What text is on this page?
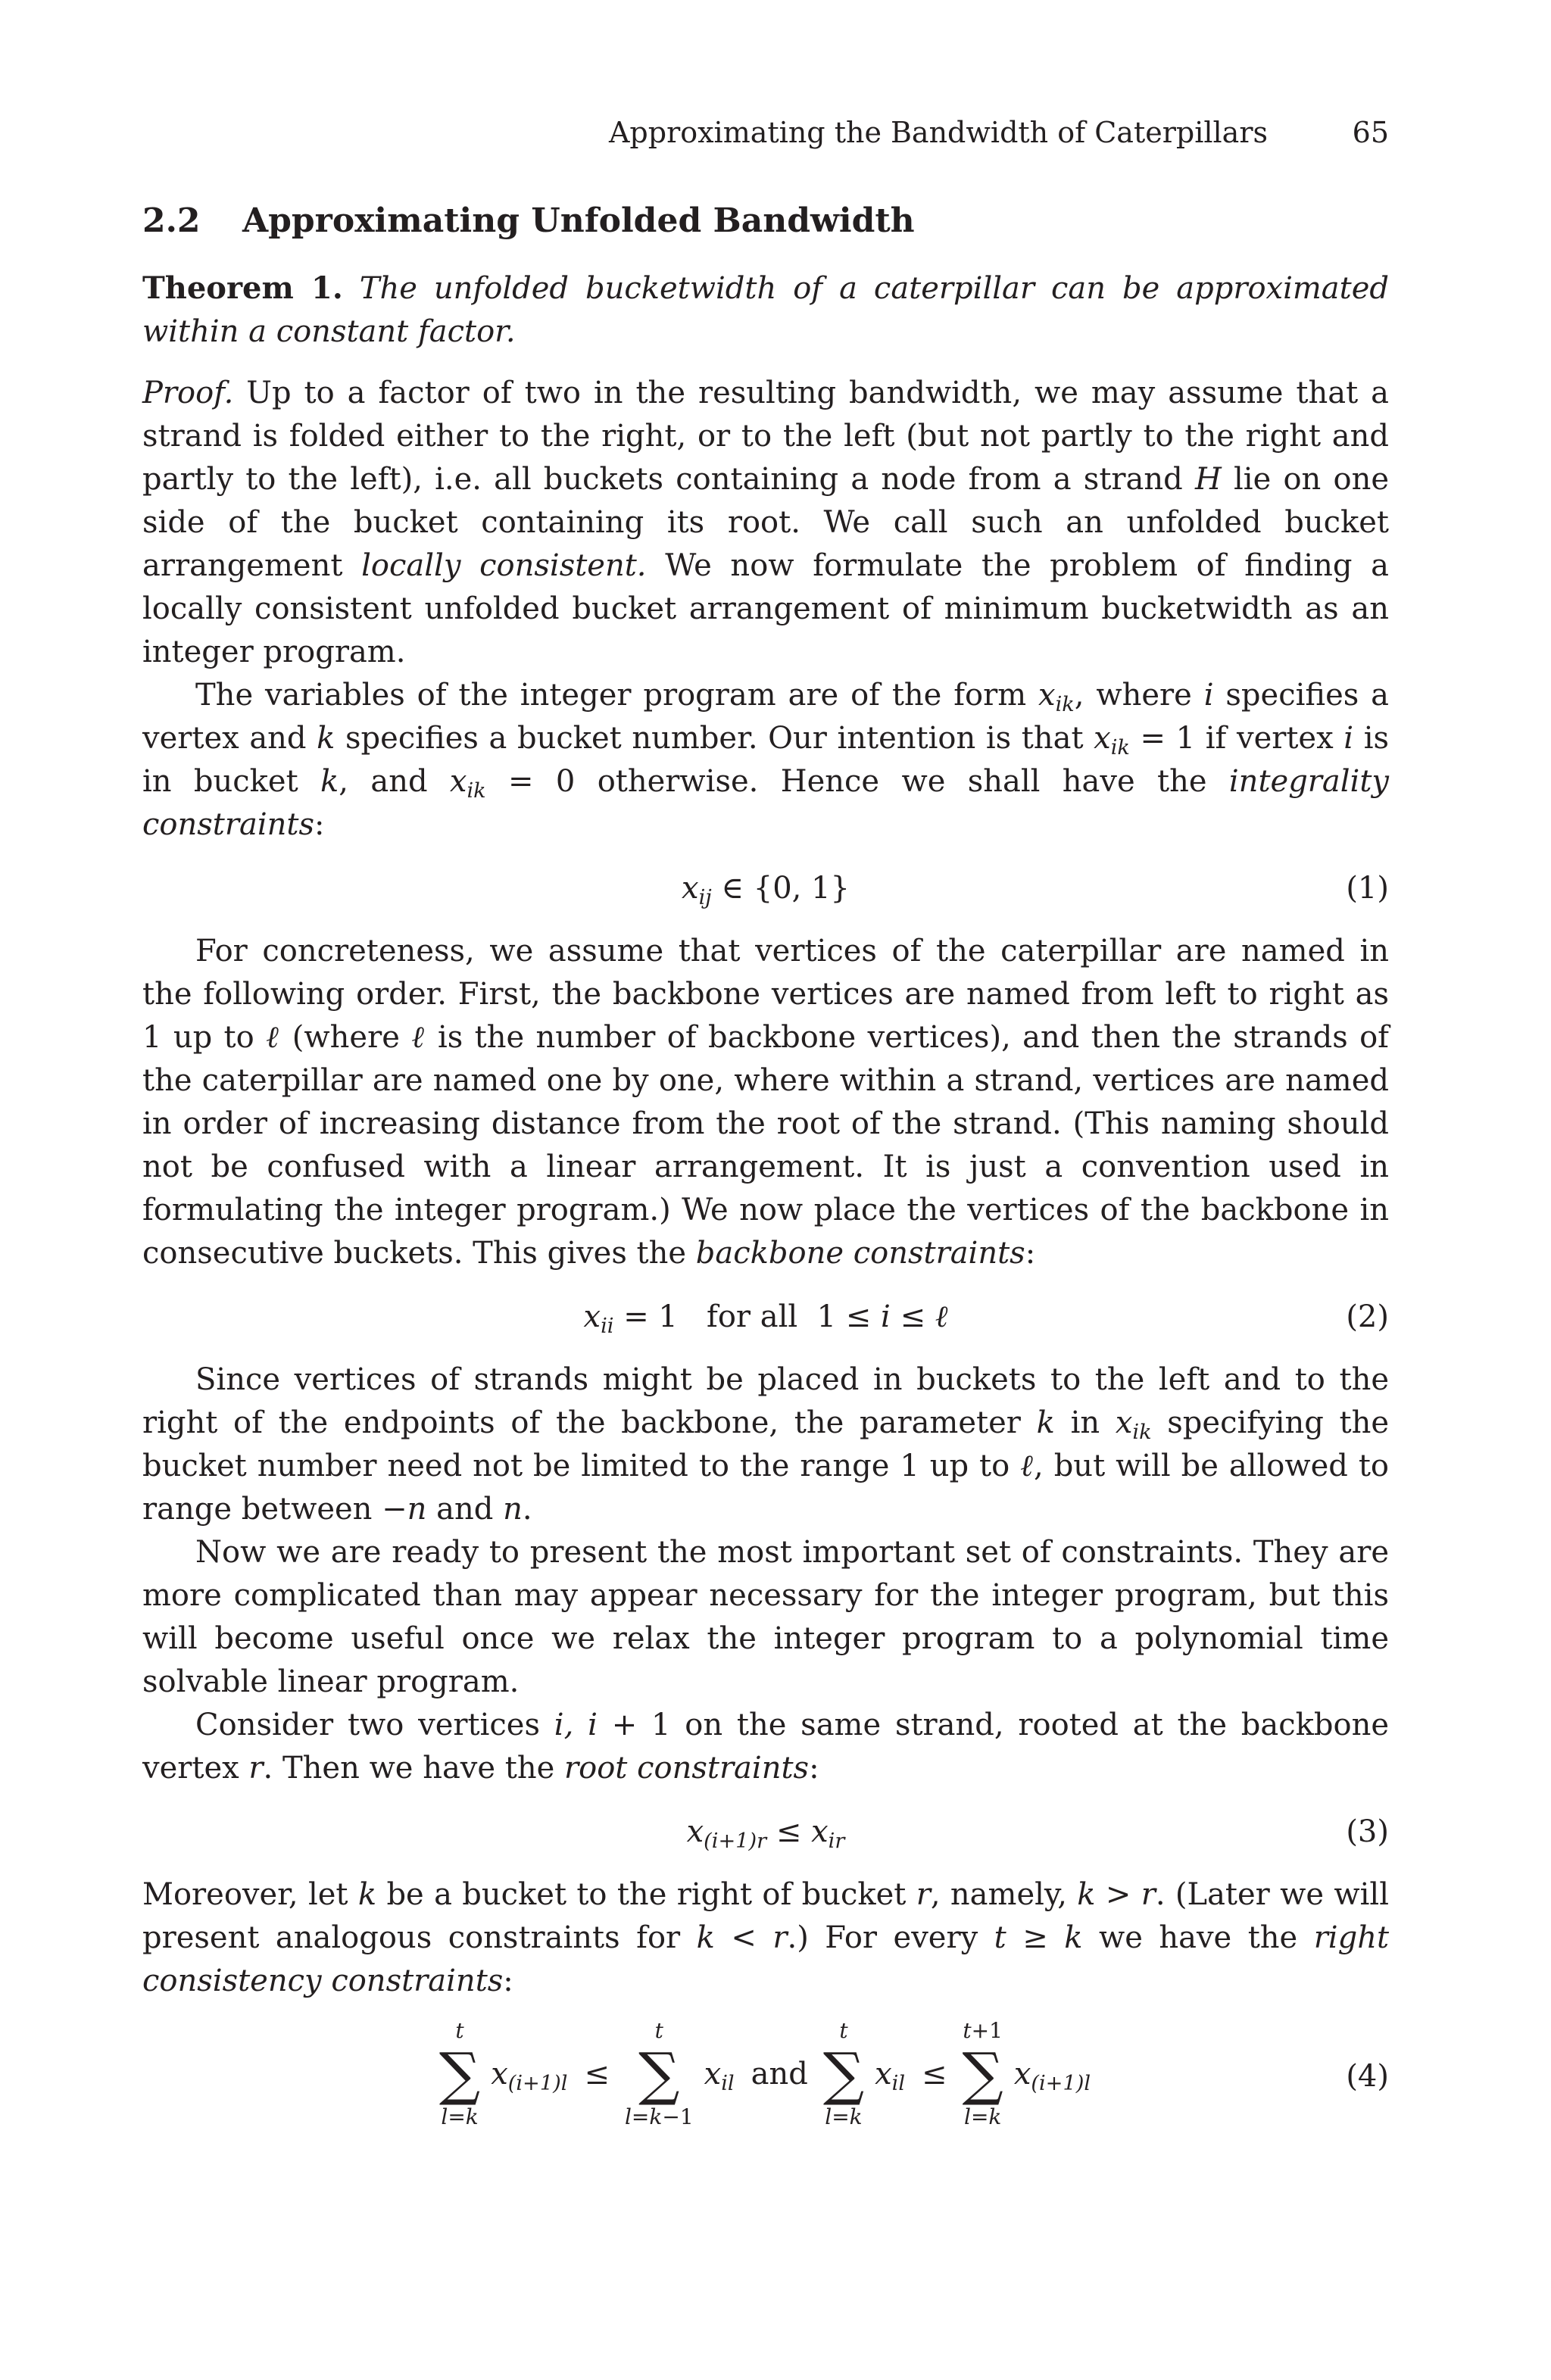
Approximating the Bandwidth of Caterpillars	65
2.2 Approximating Unfolded Bandwidth

Theorem 1. The unfolded bucketwidth of a caterpillar can be approximated within a constant factor.

Proof. Up to a factor of two in the resulting bandwidth, we may assume that a strand is folded either to the right, or to the left (but not partly to the right and partly to the left), i.e. all buckets containing a node from a strand H lie on one side of the bucket containing its root. We call such an unfolded bucket arrangement locally consistent. We now formulate the problem of finding a locally consistent unfolded bucket arrangement of minimum bucketwidth as an integer program.

The variables of the integer program are of the form $x_{ik}$, where i specifies a vertex and k specifies a bucket number. Our intention is that $x_{ik} = 1$ if vertex i is in bucket k, and $x_{ik} = 0$ otherwise. Hence we shall have the integrality constraints:

$x_{ij}$ ∈ {0, 1}	(1)

For concreteness, we assume that vertices of the caterpillar are named in the following order. First, the backbone vertices are named from left to right as 1 up to ℓ (where ℓ is the number of backbone vertices), and then the strands of the caterpillar are named one by one, where within a strand, vertices are named in order of increasing distance from the root of the strand. (This naming should not be confused with a linear arrangement. It is just a convention used in formulating the integer program.) We now place the vertices of the backbone in consecutive buckets. This gives the backbone constraints:

$x_{ii} = 1$ for all 1 ≤ i ≤ ℓ	(2)

Since vertices of strands might be placed in buckets to the left and to the right of the endpoints of the backbone, the parameter k in $x_{ik}$ specifying the bucket number need not be limited to the range 1 up to ℓ, but will be allowed to range between −n and n.

Now we are ready to present the most important set of constraints. They are more complicated than may appear necessary for the integer program, but this will become useful once we relax the integer program to a polynomial time solvable linear program.

Consider two vertices i, i + 1 on the same strand, rooted at the backbone vertex r. Then we have the root constraints:

$x_{(i+1)r} \le x_{ir}$	(3)

Moreover, let k be a bucket to the right of bucket r, namely, k > r. (Later we will present analogous constraints for k < r.) For every t ≥ k we have the right consistency constraints:

t
∑
l=k
$x_{(i+1)l}$ ≤
t
∑
l=k−1
$x_{il}$ and
t
∑
l=k
$x_{il}$ ≤
t+1
∑
l=k
$x_{(i+1)l}$	(4)
